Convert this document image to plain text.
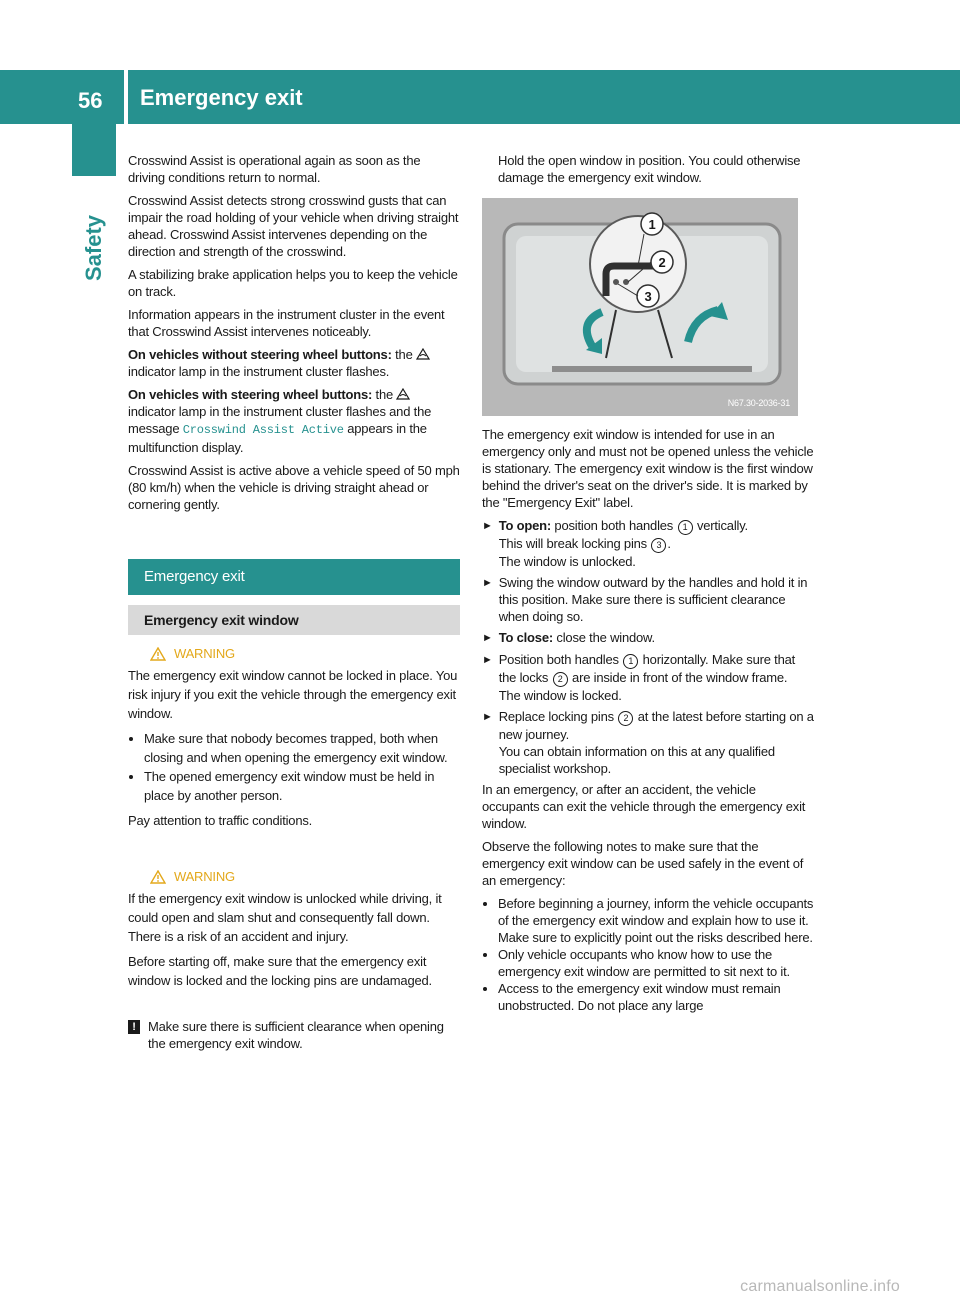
56 Emergency exit
Safety

Crosswind Assist is operational again as soon as the driving conditions return to normal.

Crosswind Assist detects strong crosswind gusts that can impair the road holding of your vehicle when driving straight ahead. Crosswind Assist intervenes depending on the direction and strength of the crosswind.

A stabilizing brake application helps you to keep the vehicle on track.

Information appears in the instrument cluster in the event that Crosswind Assist intervenes noticeably.

On vehicles without steering wheel buttons: the  indicator lamp in the instrument cluster flashes.

On vehicles with steering wheel buttons: the  indicator lamp in the instrument cluster flashes and the message Crosswind Assist Active appears in the multifunction display.

Crosswind Assist is active above a vehicle speed of 50 mph (80 km/h) when the vehicle is driving straight ahead or cornering gently.

Emergency exit
Emergency exit window
WARNING

The emergency exit window cannot be locked in place. You risk injury if you exit the vehicle through the emergency exit window.

• Make sure that nobody becomes trapped, both when closing and when opening the emergency exit window.
• The opened emergency exit window must be held in place by another person.

Pay attention to traffic conditions.

WARNING

If the emergency exit window is unlocked while driving, it could open and slam shut and consequently fall down. There is a risk of an accident and injury.

Before starting off, make sure that the emergency exit window is locked and the locking pins are undamaged.

! Make sure there is sufficient clearance when opening the emergency exit window.

Hold the open window in position. You could otherwise damage the emergency exit window.

1
2
3
N67.30-2036-31

The emergency exit window is intended for use in an emergency only and must not be opened unless the vehicle is stationary. The emergency exit window is the first window behind the driver's seat on the driver's side. It is marked by the "Emergency Exit" label.

► To open: position both handles 1 vertically.
This will break locking pins 3 .
The window is unlocked.
► Swing the window outward by the handles and hold it in this position. Make sure there is sufficient clearance when doing so.
► To close: close the window.
► Position both handles 1 horizontally. Make sure that the locks 2 are inside in front of the window frame.
The window is locked.
► Replace locking pins 2 at the latest before starting on a new journey.
You can obtain information on this at any qualified specialist workshop.

In an emergency, or after an accident, the vehicle occupants can exit the vehicle through the emergency exit window.

Observe the following notes to make sure that the emergency exit window can be used safely in the event of an emergency:

• Before beginning a journey, inform the vehicle occupants of the emergency exit window and explain how to use it. Make sure to explicitly point out the risks described here.
• Only vehicle occupants who know how to use the emergency exit window are permitted to sit next to it.
• Access to the emergency exit window must remain unobstructed. Do not place any large
carmanualsonline.info
